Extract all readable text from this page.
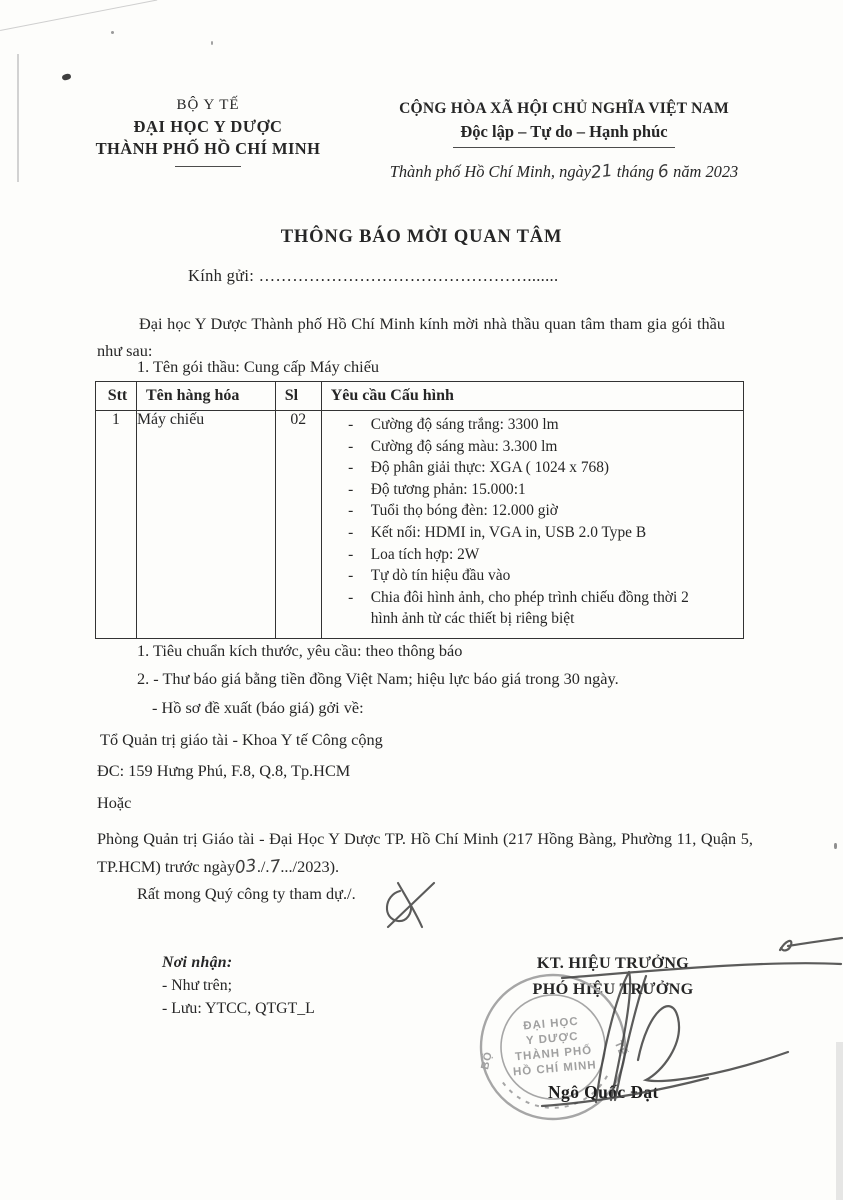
BỘ Y TẾ
ĐẠI HỌC Y DƯỢC
THÀNH PHỐ HỒ CHÍ MINH
CỘNG HÒA XÃ HỘI CHỦ NGHĨA VIỆT NAM
Độc lập – Tự do – Hạnh phúc
Thành phố Hồ Chí Minh, ngày21 tháng 6 năm 2023
THÔNG BÁO MỜI QUAN TÂM
Kính gửi: ………………………………………….......
Đại học Y Dược Thành phố Hồ Chí Minh kính mời nhà thầu quan tâm tham gia gói thầu như sau:
1. Tên gói thầu: Cung cấp Máy chiếu
Stt	Tên hàng hóa	Sl	Yêu cầu Cấu hình
1	Máy chiếu	02	- Cường độ sáng trắng: 3300 lm
- Cường độ sáng màu: 3.300 lm
- Độ phân giải thực: XGA ( 1024 x 768)
- Độ tương phản: 15.000:1
- Tuổi thọ bóng đèn: 12.000 giờ
- Kết nối: HDMI in, VGA in, USB 2.0 Type B
- Loa tích hợp: 2W
- Tự dò tín hiệu đầu vào
- Chia đôi hình ảnh, cho phép trình chiếu đồng thời 2 hình ảnh từ các thiết bị riêng biệt
1. Tiêu chuẩn kích thước, yêu cầu: theo thông báo
2. - Thư báo giá bằng tiền đồng Việt Nam; hiệu lực báo giá trong 30 ngày.
- Hồ sơ đề xuất (báo giá) gởi về:
Tổ Quản trị giáo tài - Khoa Y tế Công cộng
ĐC: 159 Hưng Phú, F.8, Q.8, Tp.HCM
Hoặc
Phòng Quản trị Giáo tài - Đại Học Y Dược TP. Hồ Chí Minh (217 Hồng Bàng, Phường 11, Quận 5, TP.HCM) trước ngày03./.7.../2023).
Rất mong Quý công ty tham dự./.
Nơi nhận:
- Như trên;
- Lưu: YTCC, QTGT_L
KT. HIỆU TRƯỞNG
PHÓ HIỆU TRƯỞNG
ĐẠI HỌC
Y DƯỢC
THÀNH PHỐ
HỒ CHÍ MINH
BỘ
TẾ
Ngô Quốc Đạt
